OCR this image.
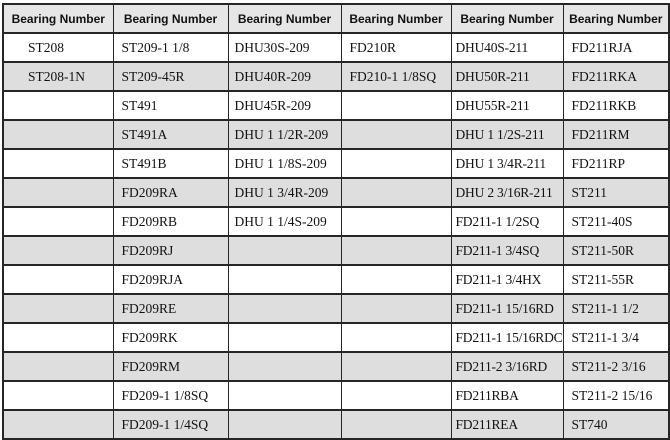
Bearing Number	Bearing Number	Bearing Number	Bearing Number	Bearing Number	Bearing Number
ST208	ST209-1 1/8	DHU30S-209	FD210R	DHU40S-211	FD211RJA
ST208-1N	ST209-45R	DHU40R-209	FD210-1 1/8SQ	DHU50R-211	FD211RKA
	ST491	DHU45R-209		DHU55R-211	FD211RKB
	ST491A	DHU 1 1/2R-209		DHU 1 1/2S-211	FD211RM
	ST491B	DHU 1 1/8S-209		DHU 1 3/4R-211	FD211RP
	FD209RA	DHU 1 3/4R-209		DHU 2 3/16R-211	ST211
	FD209RB	DHU 1 1/4S-209		FD211-1 1/2SQ	ST211-40S
	FD209RJ			FD211-1 3/4SQ	ST211-50R
	FD209RJA			FD211-1 3/4HX	ST211-55R
	FD209RE			FD211-1 15/16RD	ST211-1 1/2
	FD209RK			FD211-1 15/16RDC	ST211-1 3/4
	FD209RM			FD211-2 3/16RD	ST211-2 3/16
	FD209-1 1/8SQ			FD211RBA	ST211-2 15/16
	FD209-1 1/4SQ			FD211REA	ST740
